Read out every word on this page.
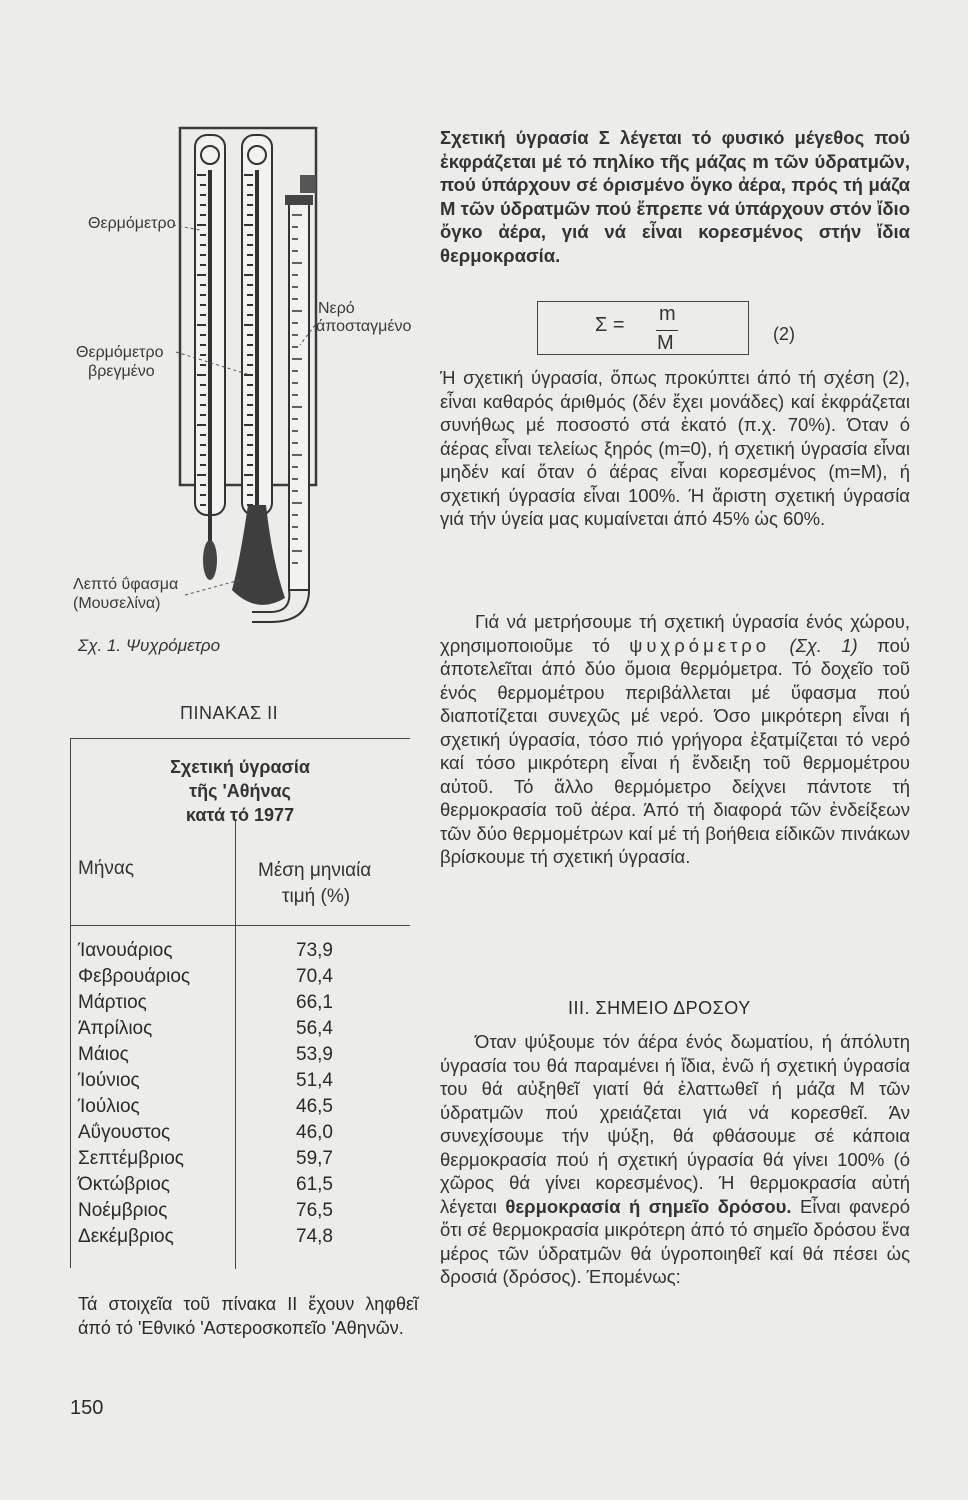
Θερμόμετρο
Θερμόμετρο
βρεγμένο
Νερό
άποσταγμένο
Λεπτό ΰφασμα
(Μουσελίνα)
Σχ. 1. Ψυχρόμετρο
ΠΙΝΑΚΑΣ ΙΙ
Σχετική ύγρασία
τῆς 'Αθήνας
κατά τό 1977
Μήνας	Μέση μηνιαία
τιμή (%)
Ίανουάριος	73,9
Φεβρουάριος	70,4
Μάρτιος	66,1
Άπρίλιος	56,4
Μάιος	53,9
Ίούνιος	51,4
Ίούλιος	46,5
Αΰγουστος	46,0
Σεπτέμβριος	59,7
Όκτώβριος	61,5
Νοέμβριος	76,5
Δεκέμβριος	74,8
Τά στοιχεῖα τοῦ πίνακα ΙΙ ἔχουν ληφθεῖ άπό τό 'Εθνικό 'Αστεροσκοπεῖο 'Αθηνῶν.
150
Σχετική ύγρασία Σ λέγεται τό φυσικό μέγεθος πού ἐκφράζεται μέ τό πηλίκο τῆς μάζας m τῶν ύδρατμῶν, πού ύπάρχουν σέ όρισμένο ὄγκο ἀέρα, πρός τή μάζα Μ τῶν ύδρατμῶν πού ἔπρεπε νά ύπάρχουν στόν ἴδιο ὄγκο ἀέρα, γιά νά εἶναι κορεσμένος στήν ἴδια θερμοκρασία.
Σ = m
M	(2)
Ή σχετική ύγρασία, ὅπως προκύπτει άπό τή σχέση (2), εἶναι καθαρός άριθμός (δέν ἔχει μονάδες) καί ἐκφράζεται συνήθως μέ ποσοστό στά ἑκατό (π.χ. 70%). Όταν ό άέρας εἶναι τελείως ξηρός (m=0), ή σχετική ύγρασία εἶναι μηδέν καί ὅταν ό άέρας εἶναι κορεσμένος (m=M), ή σχετική ύγρασία εἶναι 100%. Ή ἄριστη σχετική ύγρασία γιά τήν ύγεία μας κυμαίνεται άπό 45% ὡς 60%.
Γιά νά μετρήσουμε τή σχετική ύγρασία ένός χώρου, χρησιμοποιοῦμε τό ψυχρόμετρο (Σχ. 1) πού άποτελεῖται άπό δύο ὅμοια θερμόμετρα. Τό δοχεῖο τοῦ ένός θερμομέτρου περιβάλλεται μέ ὕφασμα πού διαποτίζεται συνεχῶς μέ νερό. Όσο μικρότερη εἶναι ή σχετική ύγρασία, τόσο πιό γρήγορα ἐξατμίζεται τό νερό καί τόσο μικρότερη εἶναι ή ἔνδειξη τοῦ θερμομέτρου αὐτοῦ. Τό ἄλλο θερμόμετρο δείχνει πάντοτε τή θερμοκρασία τοῦ ἀέρα. Άπό τή διαφορά τῶν ἐνδείξεων τῶν δύο θερμομέτρων καί μέ τή βοήθεια είδικῶν πινάκων βρίσκουμε τή σχετική ύγρασία.
III. ΣΗΜΕΙΟ ΔΡΟΣΟΥ
Όταν ψύξουμε τόν άέρα ένός δωματίου, ή άπόλυτη ύγρασία του θά παραμένει ή ἴδια, ἐνῶ ή σχετική ύγρασία του θά αὐξηθεῖ γιατί θά ἐλαττωθεῖ ή μάζα Μ τῶν ύδρατμῶν πού χρειάζεται γιά νά κορεσθεῖ. Άν συνεχίσουμε τήν ψύξη, θά φθάσουμε σέ κάποια θερμοκρασία πού ή σχετική ύγρασία θά γίνει 100% (ό χῶρος θά γίνει κορεσμένος). Ή θερμοκρασία αὐτή λέγεται θερμοκρασία ή σημεῖο δρόσου. Εἶναι φανερό ὅτι σέ θερμοκρασία μικρότερη άπό τό σημεῖο δρόσου ἕνα μέρος τῶν ύδρατμῶν θά ύγροποιηθεῖ καί θά πέσει ὡς δροσιά (δρόσος). Έπομένως:
